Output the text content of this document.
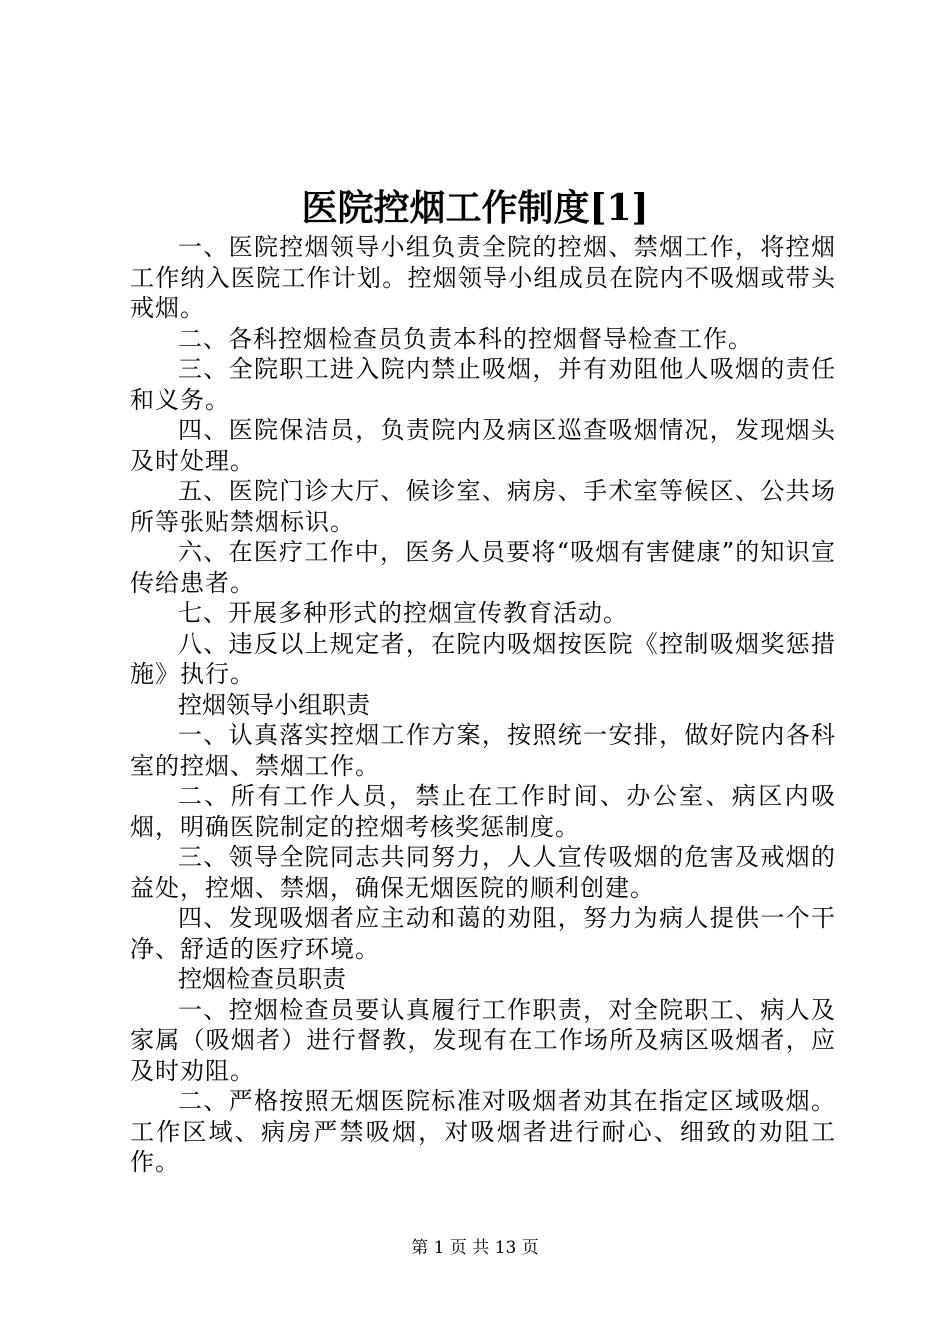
医院控烟工作制度[1]

一、医院控烟领导小组负责全院的控烟、禁烟工作，将控烟工作纳入医院工作计划。控烟领导小组成员在院内不吸烟或带头戒烟。

二、各科控烟检查员负责本科的控烟督导检查工作。

三、全院职工进入院内禁止吸烟，并有劝阻他人吸烟的责任和义务。

四、医院保洁员，负责院内及病区巡查吸烟情况，发现烟头及时处理。

五、医院门诊大厅、候诊室、病房、手术室等候区、公共场所等张贴禁烟标识。

六、在医疗工作中，医务人员要将“吸烟有害健康”的知识宣传给患者。

七、开展多种形式的控烟宣传教育活动。

八、违反以上规定者，在院内吸烟按医院《控制吸烟奖惩措施》执行。

控烟领导小组职责

一、认真落实控烟工作方案，按照统一安排，做好院内各科室的控烟、禁烟工作。

二、所有工作人员，禁止在工作时间、办公室、病区内吸烟，明确医院制定的控烟考核奖惩制度。

三、领导全院同志共同努力，人人宣传吸烟的危害及戒烟的益处，控烟、禁烟，确保无烟医院的顺利创建。

四、发现吸烟者应主动和蔼的劝阻，努力为病人提供一个干净、舒适的医疗环境。

控烟检查员职责

一、控烟检查员要认真履行工作职责，对全院职工、病人及家属（吸烟者）进行督教，发现有在工作场所及病区吸烟者，应及时劝阻。

二、严格按照无烟医院标准对吸烟者劝其在指定区域吸烟。工作区域、病房严禁吸烟，对吸烟者进行耐心、细致的劝阻工作。

第 1 页 共 13 页
